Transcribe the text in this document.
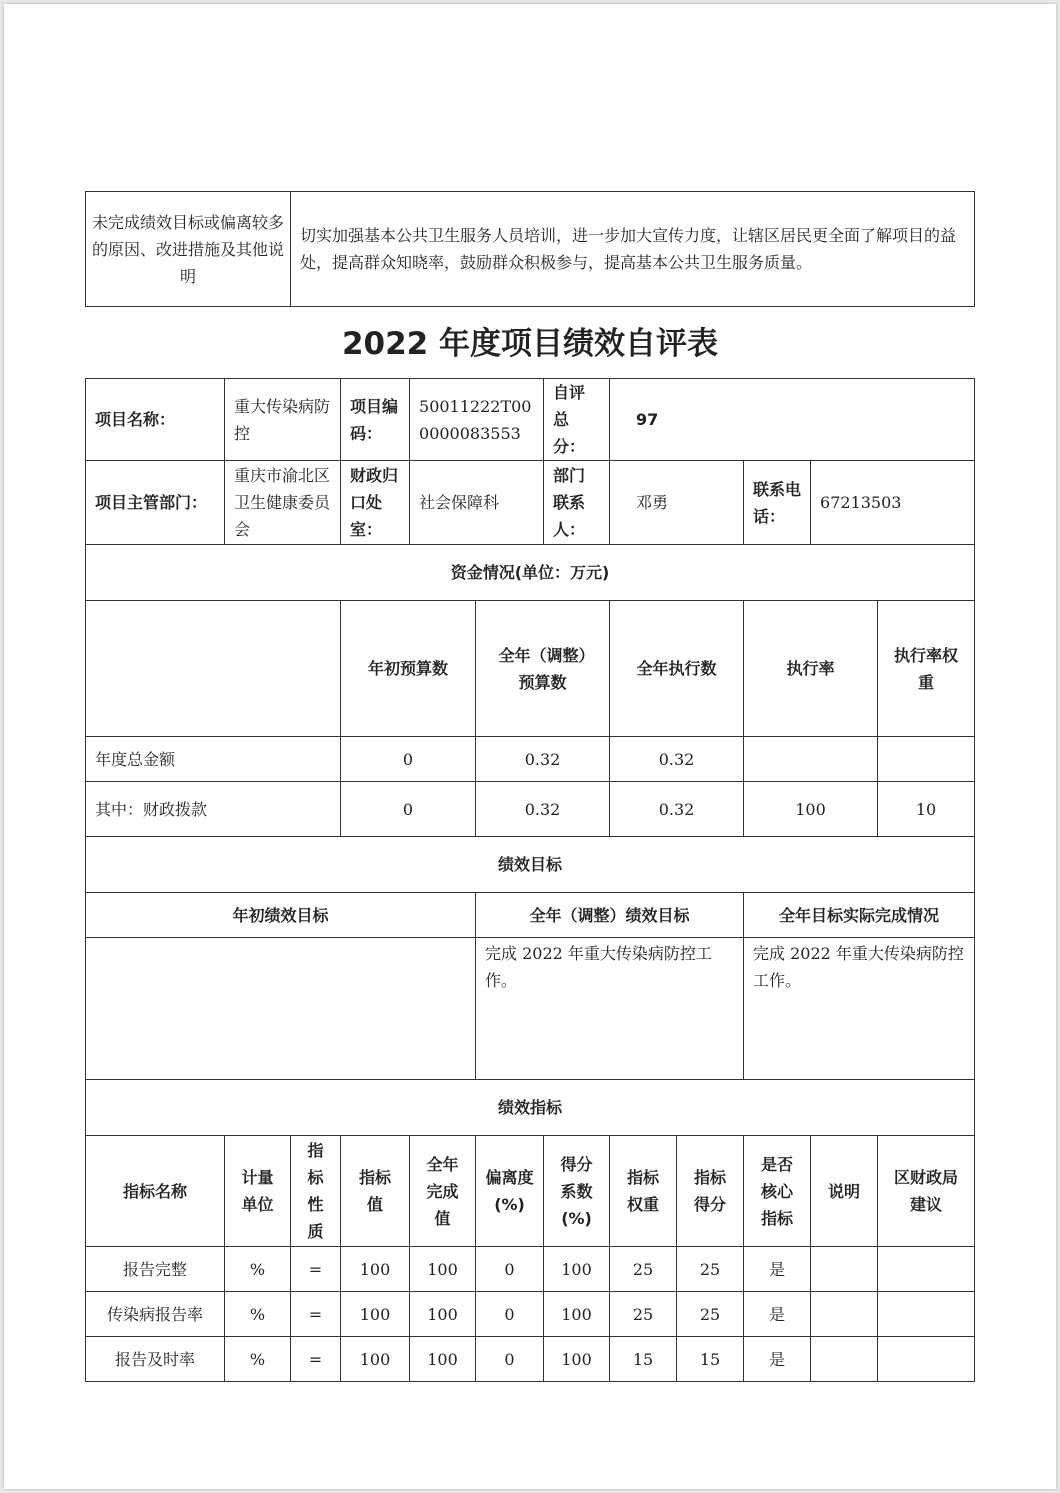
未完成绩效目标或偏离较多的原因、改进措施及其他说明	切实加强基本公共卫生服务人员培训，进一步加大宣传力度，让辖区居民更全面了解项目的益处，提高群众知晓率，鼓励群众积极参与，提高基本公共卫生服务质量。
2022 年度项目绩效自评表
项目名称：	重大传染病防控		项目编码：	50011222T000000083553		自评总分：	97					
项目主管部门：	重庆市渝北区卫生健康委员会		财政归口处室：	社会保障科		部门联系人：	邓勇		联系电话：	67213503		
资金情况(单位：万元)												
			年初预算数		全年（调整）预算数		全年执行数		执行率		执行率权重	
年度总金额			0		0.32		0.32					
其中：财政拨款			0		0.32		0.32		100		10	
绩效目标												
年初绩效目标					全年（调整）绩效目标				全年目标实际完成情况			
					完成 2022 年重大传染病防控工作。				完成 2022 年重大传染病防控工作。			
绩效指标												
指标名称	计量单位	指标性质	指标值	全年完成值	偏离度(%)	得分系数(%)	指标权重	指标得分	是否核心指标	说明	区财政局建议	
报告完整	%	=	100	100	0	100	25	25	是			
传染病报告率	%	=	100	100	0	100	25	25	是			
报告及时率	%	=	100	100	0	100	15	15	是			
